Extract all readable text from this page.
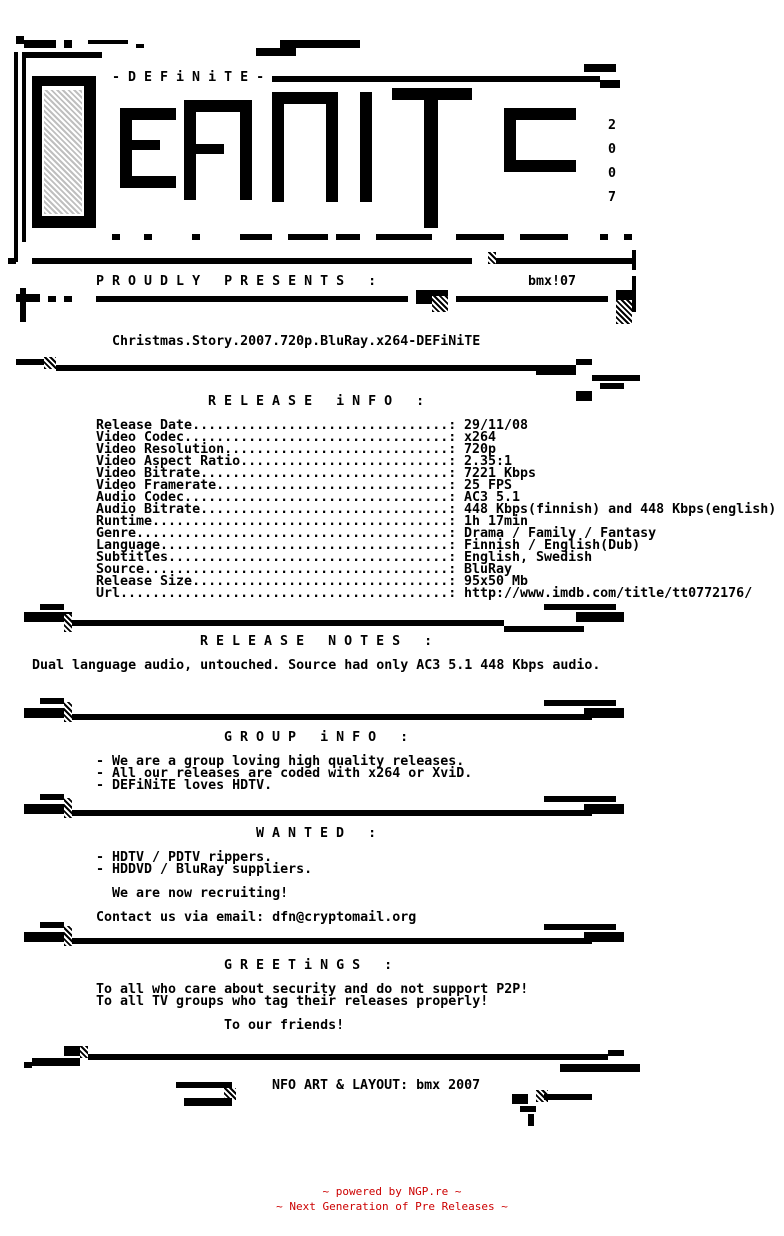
- D E F i N i T E -
2
0
0
7
P R O U D L Y   P R E S E N T S   :	bmx!07
Christmas.Story.2007.720p.BluRay.x264-DEFiNiTE
R E L E A S E   i N F O   :
Release Date................................: 29/11/08
Video Codec.................................: x264
Video Resolution............................: 720p
Video Aspect Ratio..........................: 2.35:1
Video Bitrate...............................: 7221 Kbps
Video Framerate.............................: 25 FPS
Audio Codec.................................: AC3 5.1
Audio Bitrate...............................: 448 Kbps(finnish) and 448 Kbps(english)
Runtime.....................................: 1h 17min
Genre.......................................: Drama / Family / Fantasy
Language....................................: Finnish / English(Dub)
Subtitles...................................: English, Swedish
Source......................................: BluRay
Release Size................................: 95x50 Mb
Url.........................................: http://www.imdb.com/title/tt0772176/
R E L E A S E   N O T E S   :
Dual language audio, untouched. Source had only AC3 5.1 448 Kbps audio.
G R O U P   i N F O   :
- We are a group loving high quality releases.
- All our releases are coded with x264 or XviD.
- DEFiNiTE loves HDTV.
W A N T E D   :
- HDTV / PDTV rippers.
- HDDVD / BluRay suppliers.
We are now recruiting!
Contact us via email: dfn@cryptomail.org
G R E E T i N G S   :
To all who care about security and do not support P2P!
To all TV groups who tag their releases properly!
To our friends!
NFO ART & LAYOUT: bmx 2007
~ powered by NGP.re ~
~ Next Generation of Pre Releases ~
